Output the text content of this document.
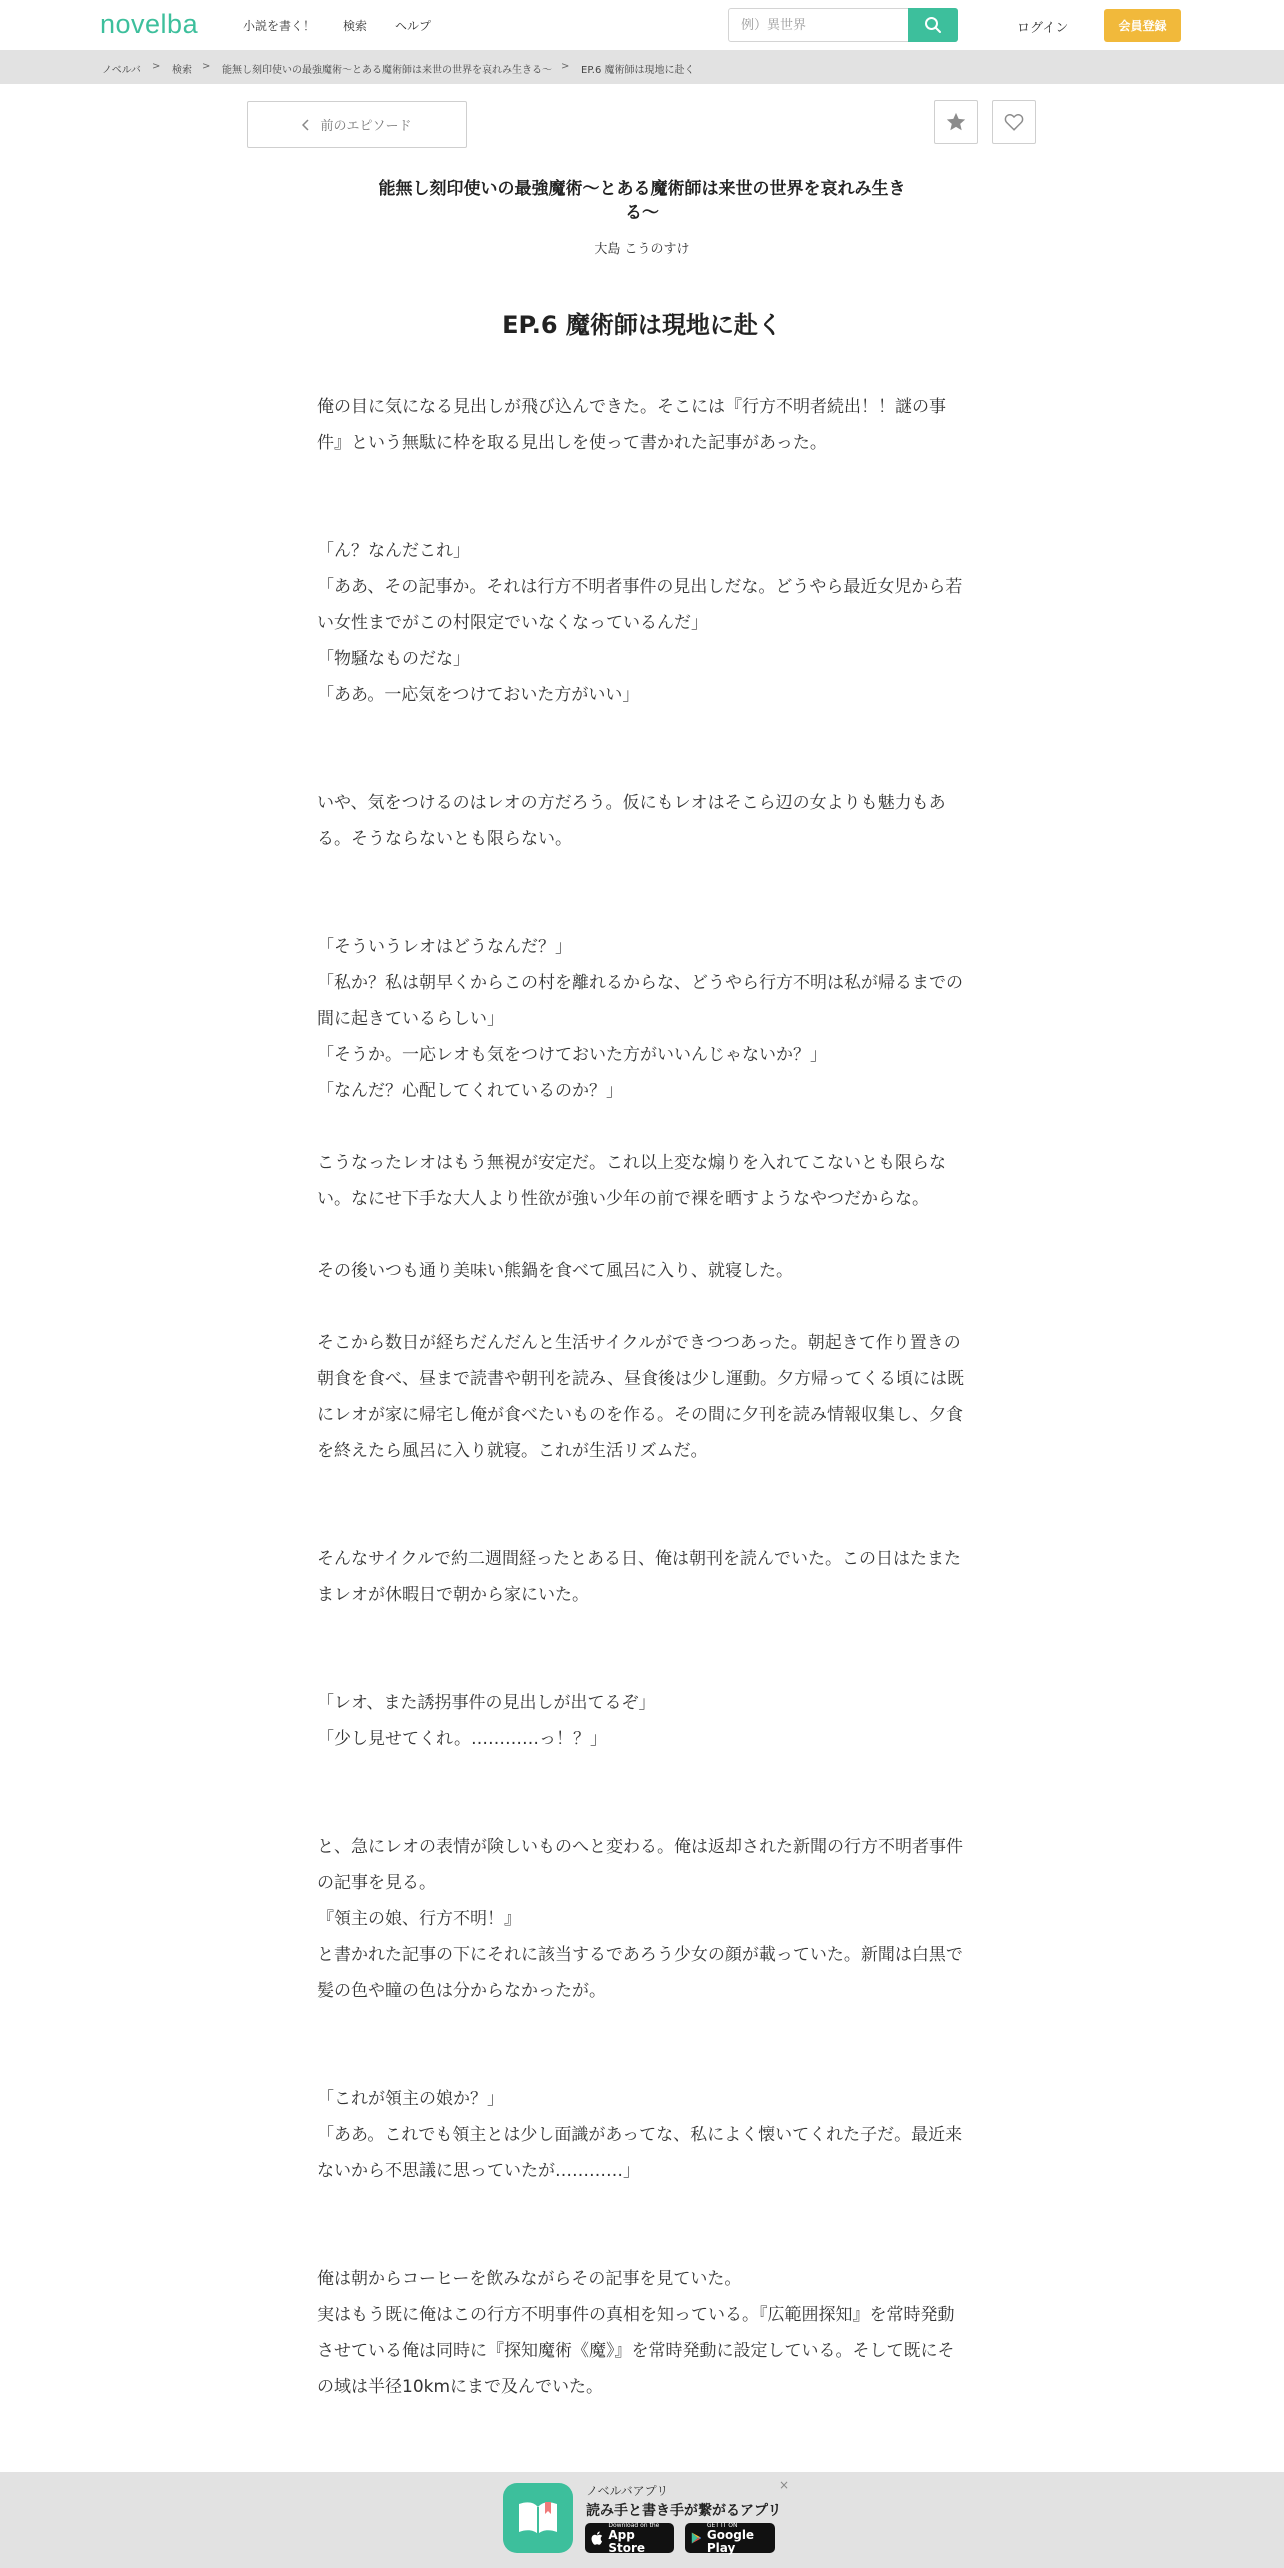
novelba	小説を書く！ 検索 ヘルプ
例）異世界	ログイン	会員登録
ノベルバ > 検索 > 能無し刻印使いの最強魔術〜とある魔術師は来世の世界を哀れみ生きる〜 > EP.6 魔術師は現地に赴く
前のエピソード
能無し刻印使いの最強魔術〜とある魔術師は来世の世界を哀れみ生きる〜
大島 こうのすけ
EP.6 魔術師は現地に赴く

俺の目に気になる見出しが飛び込んできた。そこには『行方不明者続出！！謎の事件』という無駄に枠を取る見出しを使って書かれた記事があった。

「ん？なんだこれ」

「ああ、その記事か。それは行方不明者事件の見出しだな。どうやら最近女児から若い女性までがこの村限定でいなくなっているんだ」

「物騒なものだな」

「ああ。一応気をつけておいた方がいい」

いや、気をつけるのはレオの方だろう。仮にもレオはそこら辺の女よりも魅力もある。そうならないとも限らない。

「そういうレオはどうなんだ？」

「私か？私は朝早くからこの村を離れるからな、どうやら行方不明は私が帰るまでの間に起きているらしい」

「そうか。一応レオも気をつけておいた方がいいんじゃないか？」

「なんだ？心配してくれているのか？」

こうなったレオはもう無視が安定だ。これ以上変な煽りを入れてこないとも限らない。なにせ下手な大人より性欲が強い少年の前で裸を晒すようなやつだからな。

その後いつも通り美味い熊鍋を食べて風呂に入り、就寝した。

そこから数日が経ちだんだんと生活サイクルができつつあった。朝起きて作り置きの朝食を食べ、昼まで読書や朝刊を読み、昼食後は少し運動。夕方帰ってくる頃には既にレオが家に帰宅し俺が食べたいものを作る。その間に夕刊を読み情報収集し、夕食を終えたら風呂に入り就寝。これが生活リズムだ。

そんなサイクルで約二週間経ったとある日、俺は朝刊を読んでいた。この日はたまたまレオが休暇日で朝から家にいた。

「レオ、また誘拐事件の見出しが出てるぞ」

「少し見せてくれ。…………っ！？」

と、急にレオの表情が険しいものへと変わる。俺は返却された新聞の行方不明者事件の記事を見る。

『領主の娘、行方不明！』

と書かれた記事の下にそれに該当するであろう少女の顔が載っていた。新聞は白黒で髪の色や瞳の色は分からなかったが。

「これが領主の娘か？」

「ああ。これでも領主とは少し面識があってな、私によく懐いてくれた子だ。最近来ないから不思議に思っていたが…………」

俺は朝からコーヒーを飲みながらその記事を見ていた。

実はもう既に俺はこの行方不明事件の真相を知っている。『広範囲探知』を常時発動させている俺は同時に『探知魔術《魔》』を常時発動に設定している。そして既にその域は半径10kmにまで及んでいた。

ノベルバアプリ
読み手と書き手が繋がるアプリ
Download on the
App Store
GET IT ON
Google Play
×
